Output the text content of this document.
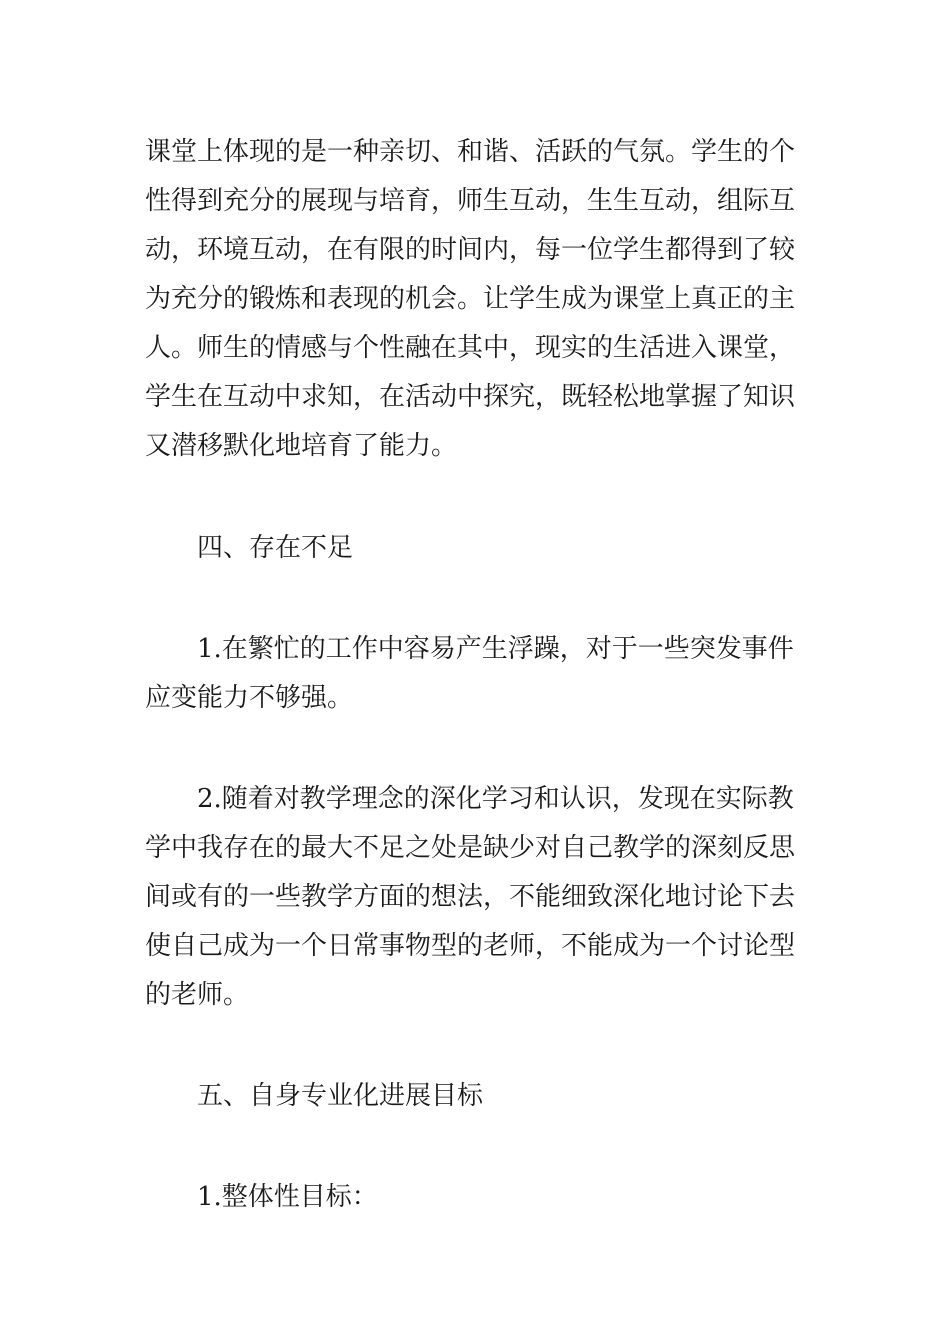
课堂上体现的是一种亲切、和谐、活跃的气氛。学生的个
性得到充分的展现与培育，师生互动，生生互动，组际互
动，环境互动，在有限的时间内，每一位学生都得到了较
为充分的锻炼和表现的机会。让学生成为课堂上真正的主
人。师生的情感与个性融在其中，现实的生活进入课堂，
学生在互动中求知，在活动中探究，既轻松地掌握了知识
又潜移默化地培育了能力。
四、存在不足
1.在繁忙的工作中容易产生浮躁，对于一些突发事件
应变能力不够强。
2.随着对教学理念的深化学习和认识，发现在实际教
学中我存在的最大不足之处是缺少对自己教学的深刻反思
间或有的一些教学方面的想法，不能细致深化地讨论下去
使自己成为一个日常事物型的老师，不能成为一个讨论型
的老师。
五、自身专业化进展目标
1.整体性目标：
